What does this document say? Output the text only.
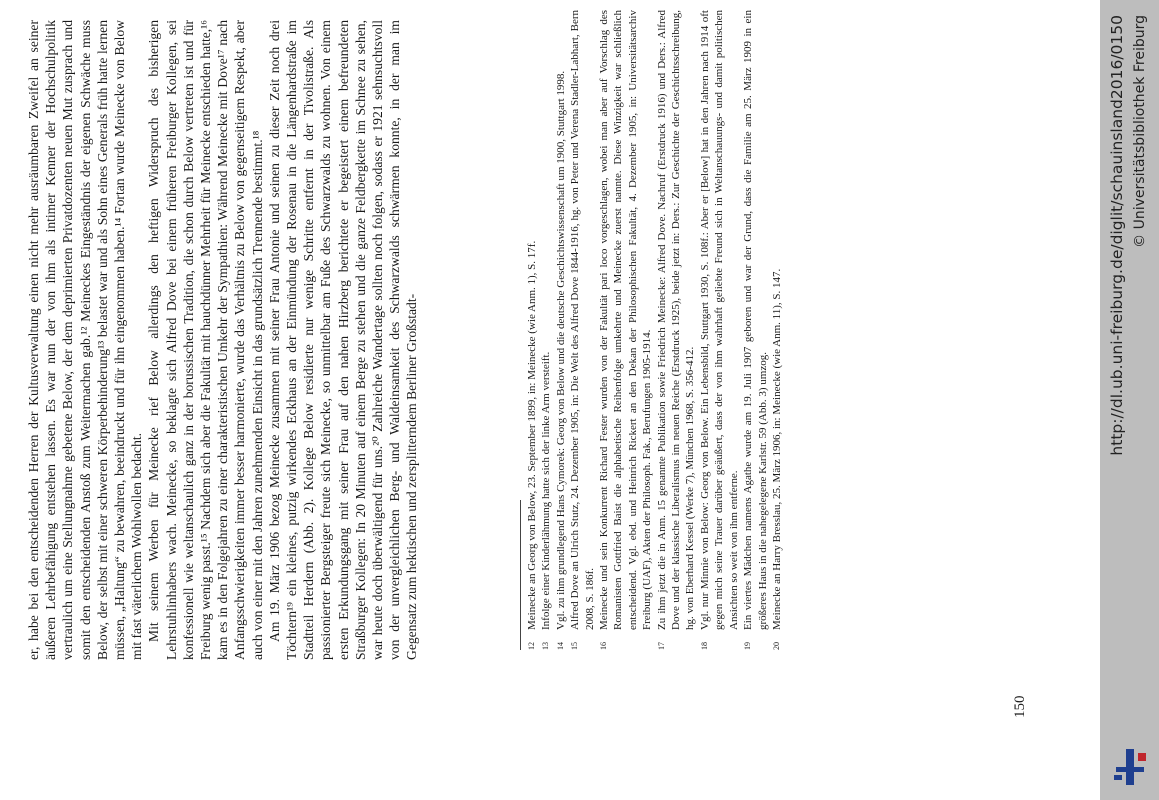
er, habe bei den entscheidenden Herren der Kultusverwaltung einen nicht mehr ausräumbaren Zweifel an seiner äußeren Lehrbefähigung entstehen lassen. Es war nun der von ihm als intimer Kenner der Hochschulpolitik vertraulich um eine Stellungnahme gebetene Below, der dem deprimierten Privatdozenten neuen Mut zusprach und somit den entscheidenden Anstoß zum Weitermachen gab.¹² Meineckes Eingeständnis der eigenen Schwäche muss Below, der selbst mit einer schweren Körperbehinderung¹³ belastet war und als Sohn eines Generals früh hatte lernen müssen, „Haltung“ zu bewahren, beeindruckt und für ihn eingenommen haben.¹⁴ Fortan wurde Meinecke von Below mit fast väterlichem Wohlwollen bedacht. Mit seinem Werben für Meinecke rief Below allerdings den heftigen Widerspruch des bisherigen Lehrstuhlinhabers wach. Meinecke, so beklagte sich Alfred Dove bei einem früheren Freiburger Kollegen, sei konfessionell wie weltanschaulich ganz in der borussischen Tradition, die schon durch Below vertreten ist und für Freiburg wenig passt.¹⁵ Nachdem sich aber die Fakultät mit hauchdünner Mehrheit für Meinecke entschieden hatte,¹⁶ kam es in den Folgejahren zu einer charakteristischen Umkehr der Sympathien: Während Meinecke mit Dove¹⁷ nach Anfangsschwierigkeiten immer besser harmonierte, wurde das Verhältnis zu Below von gegenseitigem Respekt, aber auch von einer mit den Jahren zunehmenden Einsicht in das grundsätzlich Trennende bestimmt.¹⁸ Am 19. März 1906 bezog Meinecke zusammen mit seiner Frau Antonie und seinen zu dieser Zeit noch drei Töchtern¹⁹ ein kleines, putzig wirkendes Eckhaus an der Einmündung der Rosenau in die Längenhardstraße im Stadtteil Herdern (Abb. 2). Kollege Below residierte nur wenige Schritte entfernt in der Tivolistraße. Als passionierter Bergsteiger freute sich Meinecke, so unmittelbar am Fuße des Schwarzwalds zu wohnen. Von einem ersten Erkundungsgang mit seiner Frau auf den nahen Hirzberg berichtete er begeistert einem befreundeten Straßburger Kollegen: In 20 Minuten auf einem Berge zu stehen und die ganze Feldbergkette im Schnee zu sehen, war heute doch überwältigend für uns.²⁰ Zahlreiche Wandertage sollten noch folgen, sodass er 1921 sehnsuchtsvoll von der unvergleichlichen Berg- und Waldeinsamkeit des Schwarzwalds schwärmen konnte, in der man im Gegensatz zum hektischen und zersplitterndem Berliner Großstadt-	12
Meinecke an Georg von Below, 23. September 1899, in: Meinecke (wie Anm. 1), S. 17f.
13
Infolge einer Kinderlähmung hatte sich der linke Arm versteift.
14
Vgl. zu ihm grundlegend Hans Cymorek: Georg von Below und die deutsche Geschichtswissenschaft um 1900, Stuttgart 1998.
15
Alfred Dove an Ulrich Stutz, 24. Dezember 1905, in: Die Welt des Alfred Dove 1844-1916, hg. von Peter und Verena Stadler-Labhart, Bern 2008, S. 186f.
16
Meinecke und sein Konkurrent Richard Fester wurden von der Fakultät pari loco vorgeschlagen, wobei man aber auf Vorschlag des Romanisten Gottfried Baist die alphabetische Reihenfolge umkehrte und Meinecke zuerst nannte. Diese Winzigkeit war schließlich entscheidend. Vgl. ebd. und Heinrich Rickert an den Dekan der Philosophischen Fakultät, 4. Dezember 1905, in: Universitätsarchiv Freiburg (UAF), Akten der Philosoph. Fak., Berufungen 1905-1914.
17
Zu ihm jetzt die in Anm. 15 genannte Publikation sowie Friedrich Meinecke: Alfred Dove. Nachruf (Erstdruck 1916) und Ders.: Alfred Dove und der klassische Liberalismus im neuen Reiche (Erstdruck 1925), beide jetzt in: Ders.: Zur Geschichte der Geschichtsschreibung, hg. von Eberhard Kessel (Werke 7), München 1968, S. 356-412.
18
Vgl. nur Minnie von Below: Georg von Below. Ein Lebensbild, Stuttgart 1930, S. 108f.: Aber er [Below] hat in den Jahren nach 1914 oft gegen mich seine Trauer darüber geäußert, dass der von ihm wahrhaft geliebte Freund sich in Weltanschauungs- und damit politischen Ansichten so weit von ihm entferne.
19
Ein viertes Mädchen namens Agathe wurde am 19. Juli 1907 geboren und war der Grund, dass die Familie am 25. März 1909 in ein größeres Haus in die nahegelegene Karlstr. 59 (Abb. 3) umzog.
20
Meinecke an Harry Bresslau, 25. März 1906, in: Meinecke (wie Anm. 11), S. 147.
150
http://dl.ub.uni-freiburg.de/diglit/schauinsland2016/0150 © Universitätsbibliothek Freiburg
